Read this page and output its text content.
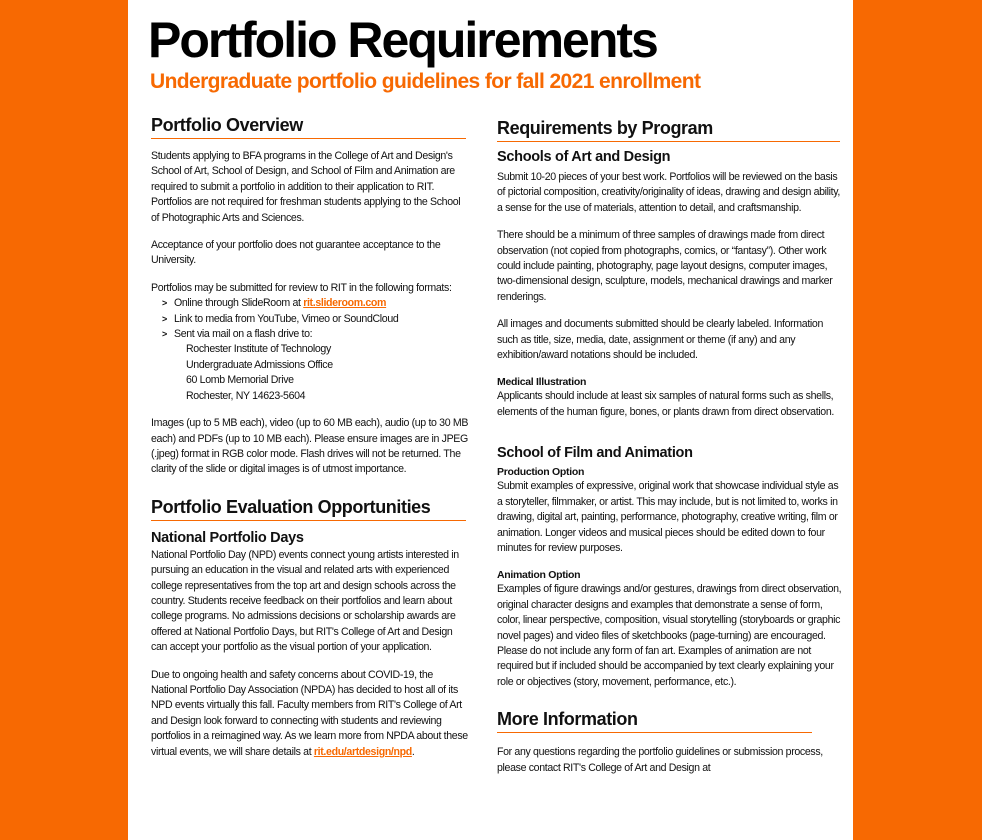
Portfolio Requirements
Undergraduate portfolio guidelines for fall 2021 enrollment
Portfolio Overview

Students applying to BFA programs in the College of Art and Design's School of Art, School of Design, and School of Film and Animation are required to submit a portfolio in addition to their application to RIT. Portfolios are not required for freshman students applying to the School of Photographic Arts and Sciences.

Acceptance of your portfolio does not guarantee acceptance to the University.

Portfolios may be submitted for review to RIT in the following formats:

> Online through SlideRoom at rit.slideroom.com
> Link to media from YouTube, Vimeo or SoundCloud
> Sent via mail on a flash drive to:
Rochester Institute of Technology
Undergraduate Admissions Office
60 Lomb Memorial Drive
Rochester, NY 14623-5604

Images (up to 5 MB each), video (up to 60 MB each), audio (up to 30 MB each) and PDFs (up to 10 MB each). Please ensure images are in JPEG (.jpeg) format in RGB color mode. Flash drives will not be returned. The clarity of the slide or digital images is of utmost importance.

Portfolio Evaluation Opportunities
National Portfolio Days

National Portfolio Day (NPD) events connect young artists interested in pursuing an education in the visual and related arts with experienced college representatives from the top art and design schools across the country. Students receive feedback on their portfolios and learn about college programs. No admissions decisions or scholarship awards are offered at National Portfolio Days, but RIT's College of Art and Design can accept your portfolio as the visual portion of your application.

Due to ongoing health and safety concerns about COVID-19, the National Portfolio Day Association (NPDA) has decided to host all of its NPD events virtually this fall. Faculty members from RIT's College of Art and Design look forward to connecting with students and reviewing portfolios in a reimagined way. As we learn more from NPDA about these virtual events, we will share details at rit.edu/artdesign/npd.

Requirements by Program
Schools of Art and Design

Submit 10-20 pieces of your best work. Portfolios will be reviewed on the basis of pictorial composition, creativity/originality of ideas, drawing and design ability, a sense for the use of materials, attention to detail, and craftsmanship.

There should be a minimum of three samples of drawings made from direct observation (not copied from photographs, comics, or “fantasy”). Other work could include painting, photography, page layout designs, computer images, two-dimensional design, sculpture, models, mechanical drawings and marker renderings.

All images and documents submitted should be clearly labeled. Information such as title, size, media, date, assignment or theme (if any) and any exhibition/award notations should be included.

Medical Illustration

Applicants should include at least six samples of natural forms such as shells, elements of the human figure, bones, or plants drawn from direct observation.

School of Film and Animation
Production Option

Submit examples of expressive, original work that showcase individual style as a storyteller, filmmaker, or artist. This may include, but is not limited to, works in drawing, digital art, painting, performance, photography, creative writing, film or animation. Longer videos and musical pieces should be edited down to four minutes for review purposes.

Animation Option

Examples of figure drawings and/or gestures, drawings from direct observation, original character designs and examples that demonstrate a sense of form, color, linear perspective, composition, visual storytelling (storyboards or graphic novel pages) and video files of sketchbooks (page-turning) are encouraged. Please do not include any form of fan art. Examples of animation are not required but if included should be accompanied by text clearly explaining your role or objectives (story, movement, performance, etc.).

More Information

For any questions regarding the portfolio guidelines or submission process, please contact RIT's College of Art and Design at
